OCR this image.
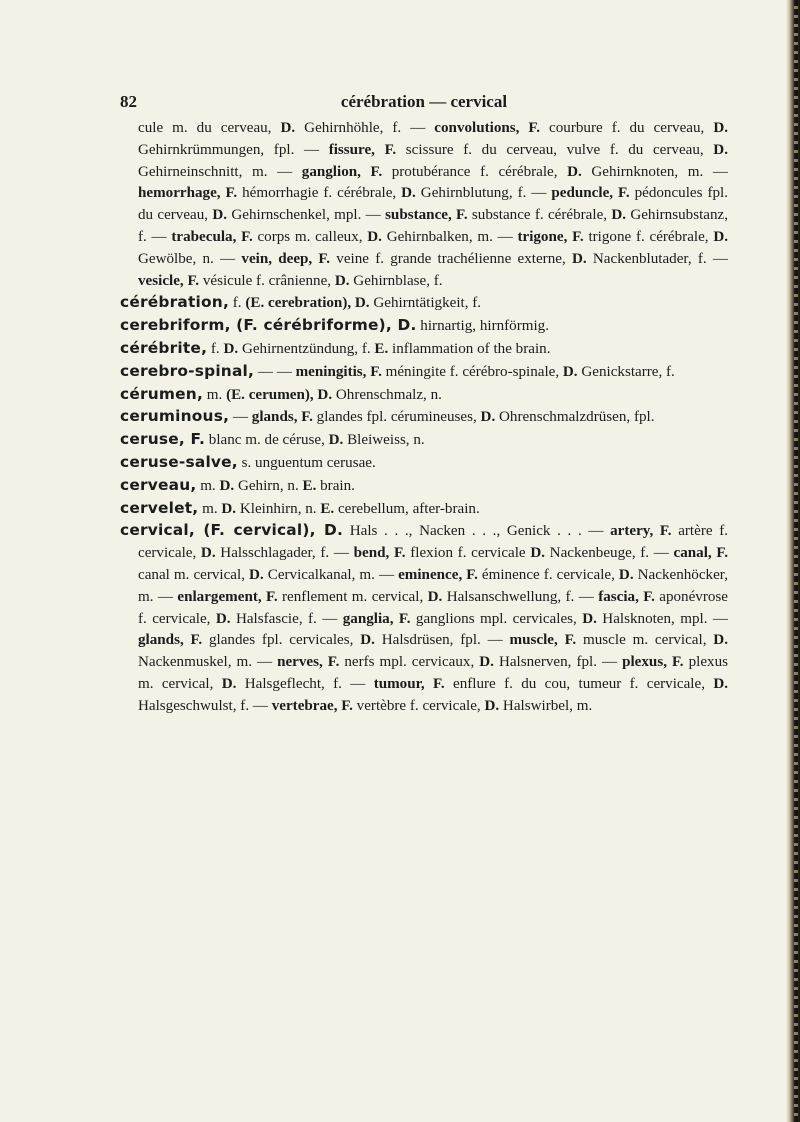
82	cérébration — cervical

cule m. du cerveau, D. Gehirnhöhle, f. — convolutions, F. courbure f. du cerveau, D. Gehirnkrümmungen, fpl. — fissure, F. scissure f. du cerveau, vulve f. du cerveau, D. Gehirneinschnitt, m. — ganglion, F. protubérance f. cérébrale, D. Gehirnknoten, m. — hemorrhage, F. hémorrhagie f. cérébrale, D. Gehirnblutung, f. — peduncle, F. pédoncules fpl. du cerveau, D. Gehirnschenkel, mpl. — substance, F. substance f. cérébrale, D. Gehirnsubstanz, f. — trabecula, F. corps m. calleux, D. Gehirnbalken, m. — trigone, F. trigone f. cérébrale, D. Gewölbe, n. — vein, deep, F. veine f. grande trachélienne externe, D. Nackenblutader, f. — vesicle, F. vésicule f. crânienne, D. Gehirnblase, f.

cérébration, f. (E. cerebration), D. Gehirntätigkeit, f.

cerebriform, (F. cérébriforme), D. hirnartig, hirnförmig.

cérébrite, f. D. Gehirnentzündung, f. E. inflammation of the brain.

cerebro-spinal, — — meningitis, F. méningite f. cérébro-spinale, D. Genickstarre, f.

cérumen, m. (E. cerumen), D. Ohrenschmalz, n.

ceruminous, — glands, F. glandes fpl. cérumineuses, D. Ohrenschmalzdrüsen, fpl.

ceruse, F. blanc m. de céruse, D. Bleiweiss, n.

ceruse-salve, s. unguentum cerusae.

cerveau, m. D. Gehirn, n. E. brain.

cervelet, m. D. Kleinhirn, n. E. cerebellum, after-brain.

cervical, (F. cervical), D. Hals . . ., Nacken . . ., Genick . . . — artery, F. artère f. cervicale, D. Halsschlagader, f. — bend, F. flexion f. cervicale D. Nackenbeuge, f. — canal, F. canal m. cervical, D. Cervicalkanal, m. — eminence, F. éminence f. cervicale, D. Nackenhöcker, m. — enlargement, F. renflement m. cervical, D. Halsanschwellung, f. — fascia, F. aponévrose f. cervicale, D. Halsfascie, f. — ganglia, F. ganglions mpl. cervicales, D. Halsknoten, mpl. — glands, F. glandes fpl. cervicales, D. Halsdrüsen, fpl. — muscle, F. muscle m. cervical, D. Nackenmuskel, m. — nerves, F. nerfs mpl. cervicaux, D. Halsnerven, fpl. — plexus, F. plexus m. cervical, D. Halsgeflecht, f. — tumour, F. enflure f. du cou, tumeur f. cervicale, D. Halsgeschwulst, f. — vertebrae, F. vertèbre f. cervicale, D. Halswirbel, m.
